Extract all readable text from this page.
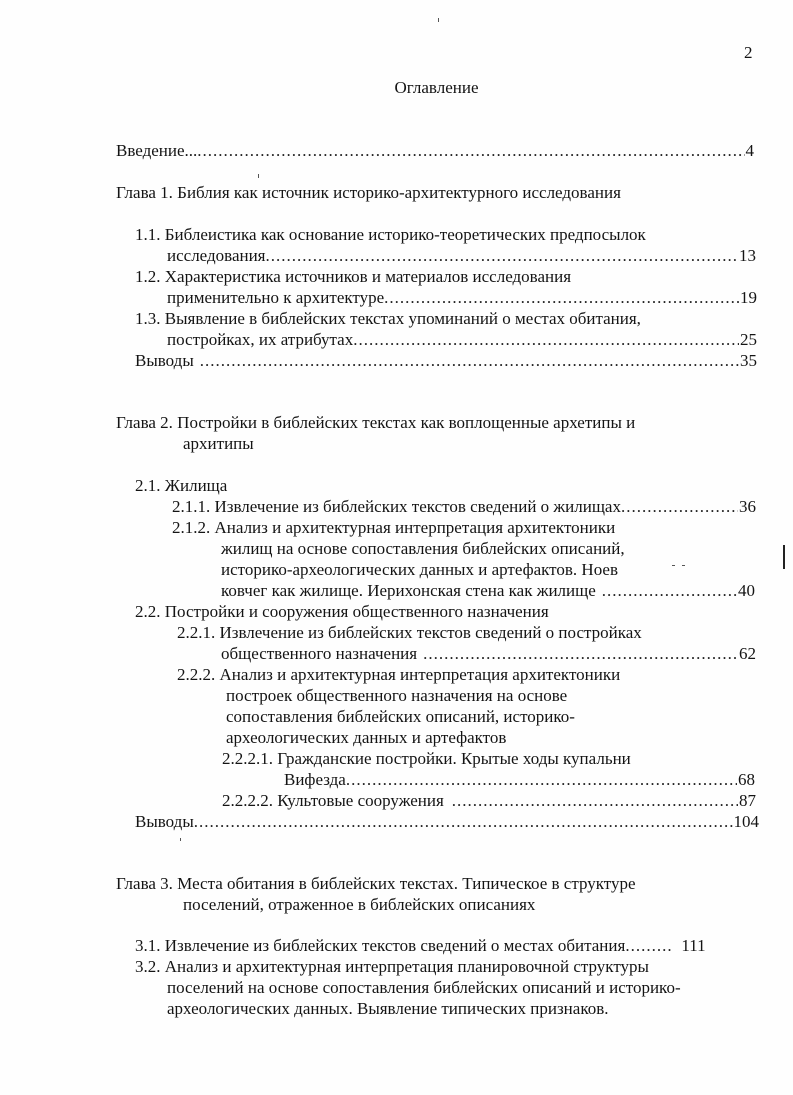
2
Оглавление
Введение... .....	4
Глава 1. Библия как источник историко-архитектурного исследования
1.1. Библеистика как основание историко-теоретических предпосылок
исследования .....	13
1.2. Характеристика источников и материалов исследования
применительно к архитектуре .....	19
1.3. Выявление в библейских текстах упоминаний о местах обитания,
постройках, их атрибутах .....	25
Выводы .....	35
Глава 2. Постройки в библейских текстах как воплощенные архетипы и
архитипы
2.1. Жилища
2.1.1. Извлечение из библейских текстов сведений о жилищах .....	36
2.1.2. Анализ и архитектурная интерпретация архитектоники
жилищ на основе сопоставления библейских описаний,
историко-археологических данных и артефактов. Ноев
ковчег как жилище. Иерихонская стена как жилище .....	40
2.2. Постройки и сооружения общественного назначения
2.2.1. Извлечение из библейских текстов сведений о постройках
общественного назначения .....	62
2.2.2. Анализ и архитектурная интерпретация архитектоники
построек общественного назначения на основе
сопоставления библейских описаний, историко-
археологических данных и артефактов
2.2.2.1. Гражданские постройки. Крытые ходы купальни
Вифезда .....	68
2.2.2.2. Культовые сооружения .....	87
Выводы .....	104
Глава 3. Места обитания в библейских текстах. Типическое в структуре
поселений, отраженное в библейских описаниях
3.1. Извлечение из библейских текстов сведений о местах обитания .....	111
3.2. Анализ и архитектурная интерпретация планировочной структуры
поселений на основе сопоставления библейских описаний и историко-
археологических данных. Выявление типических признаков.
